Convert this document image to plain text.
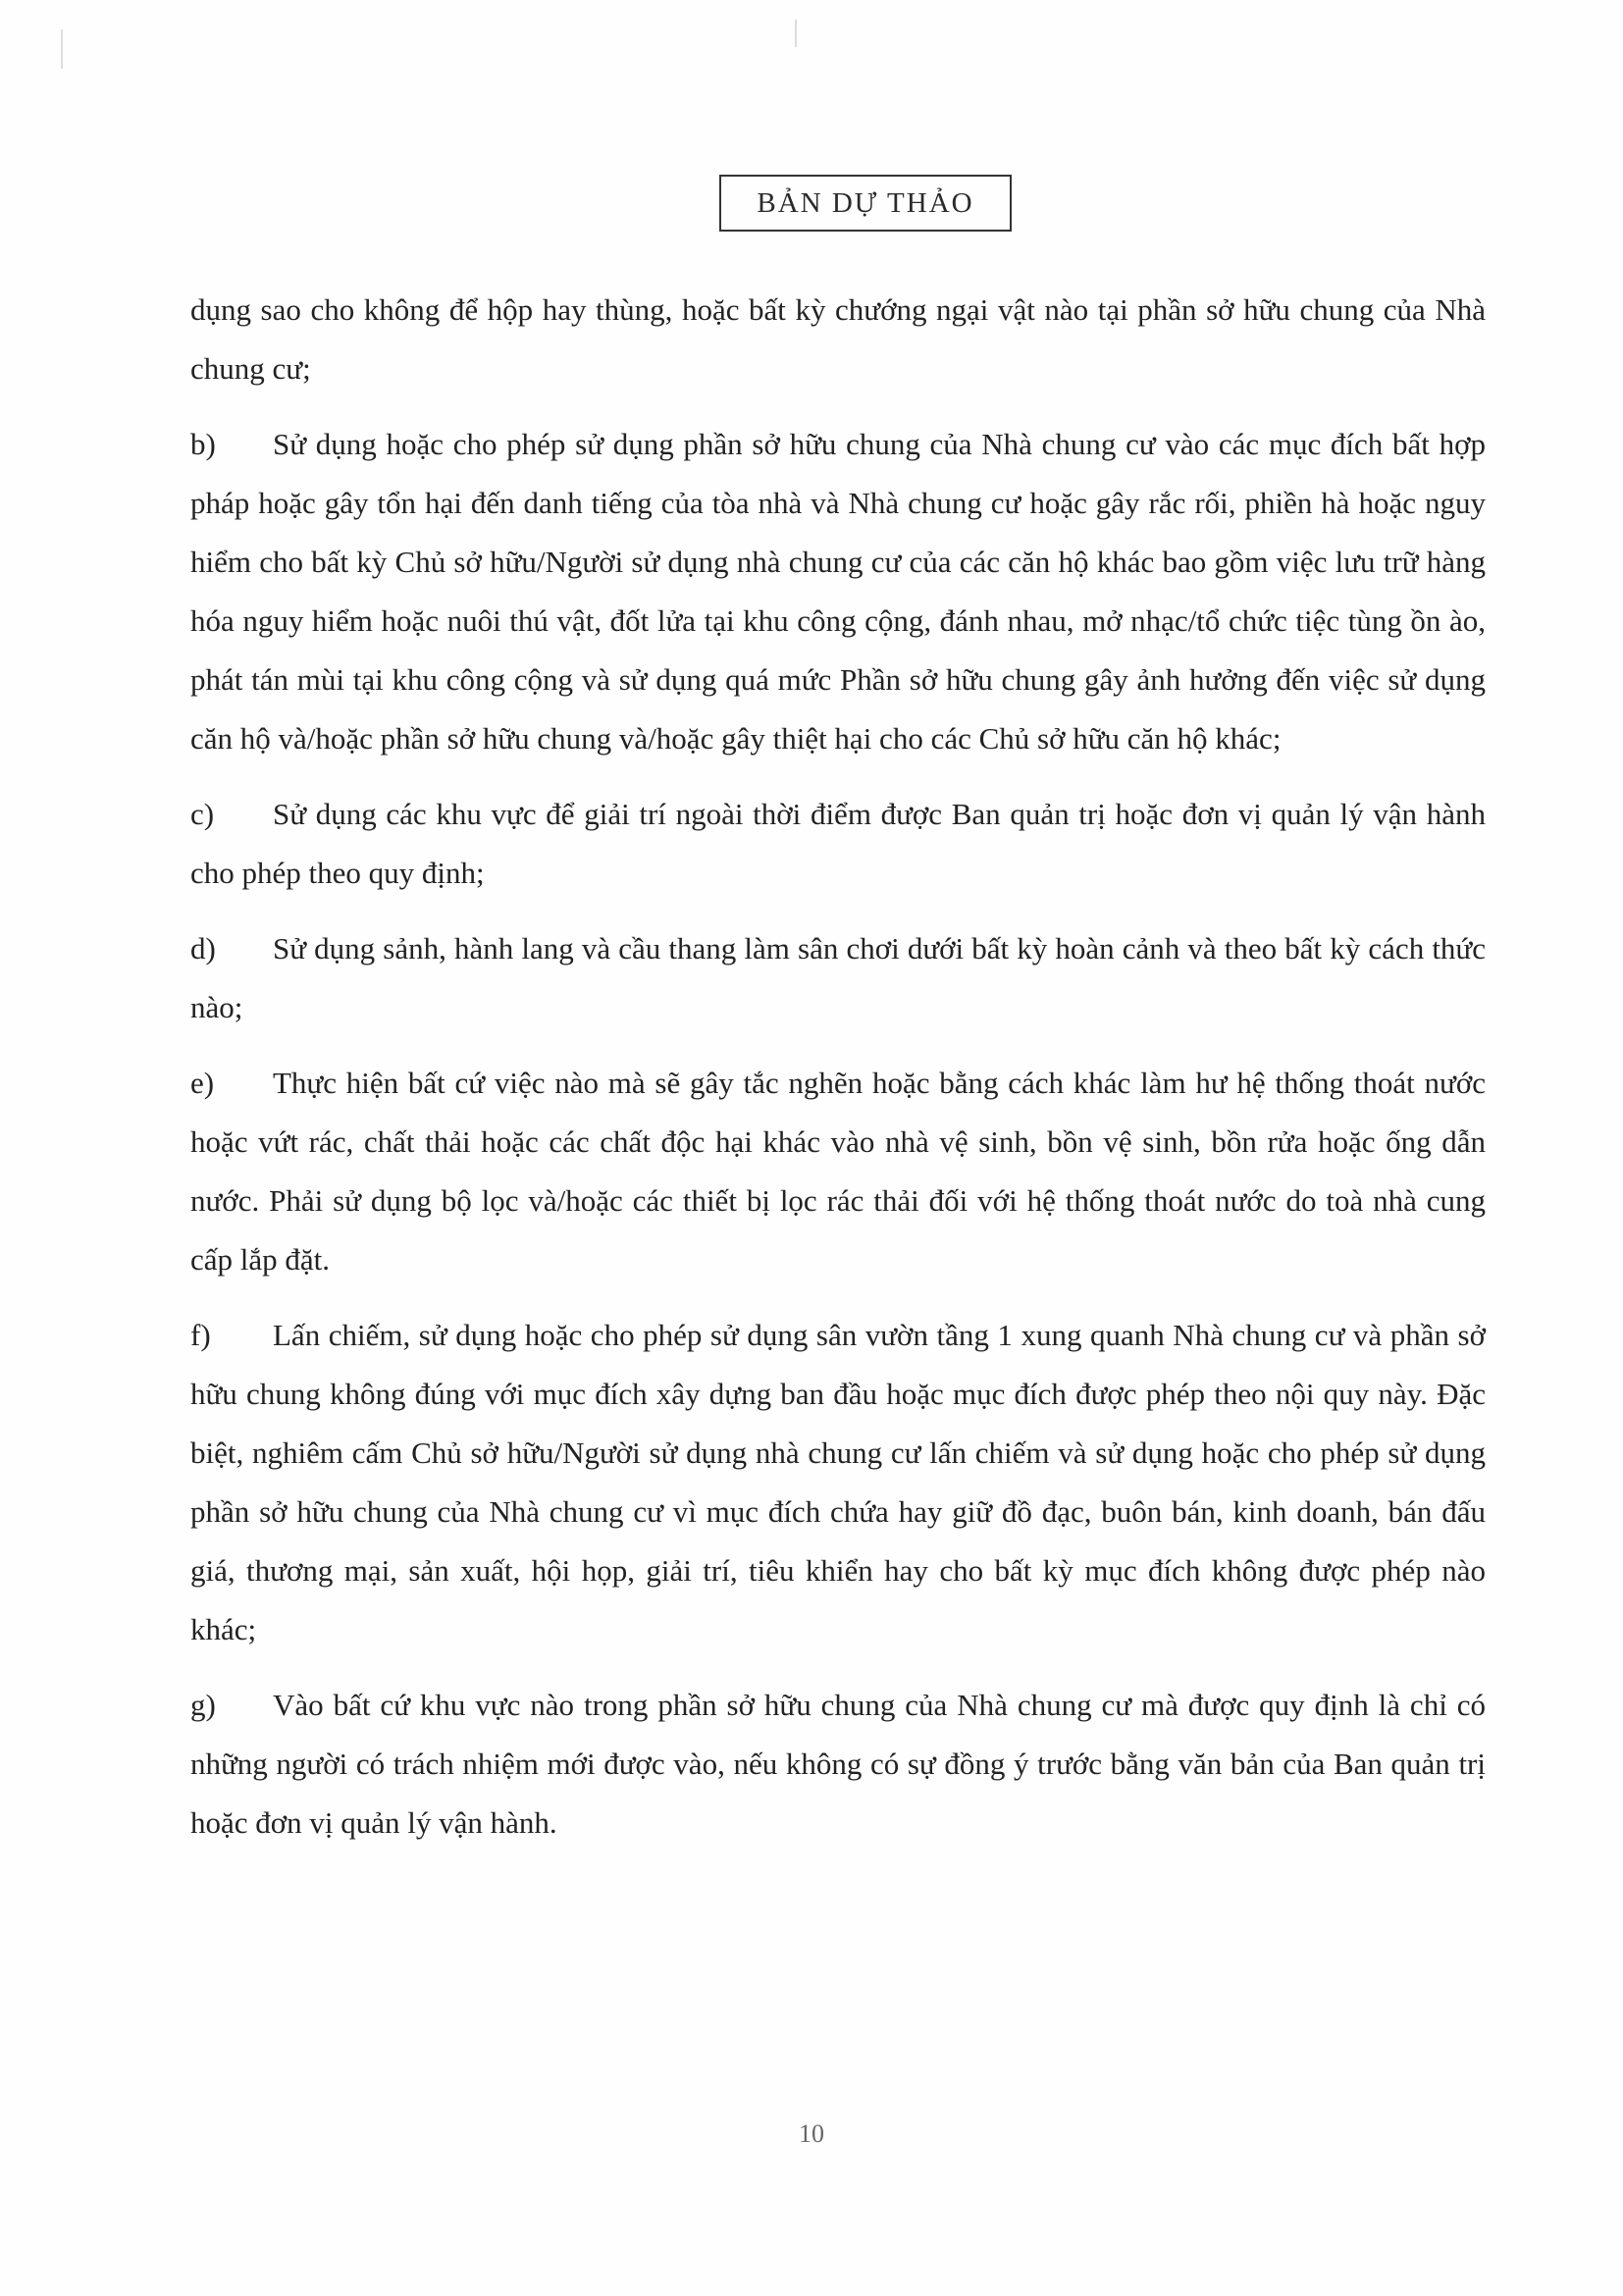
BẢN DỰ THẢO

dụng sao cho không để hộp hay thùng, hoặc bất kỳ chướng ngại vật nào tại phần sở hữu chung của Nhà chung cư;

b) Sử dụng hoặc cho phép sử dụng phần sở hữu chung của Nhà chung cư vào các mục đích bất hợp pháp hoặc gây tổn hại đến danh tiếng của tòa nhà và Nhà chung cư hoặc gây rắc rối, phiền hà hoặc nguy hiểm cho bất kỳ Chủ sở hữu/Người sử dụng nhà chung cư của các căn hộ khác bao gồm việc lưu trữ hàng hóa nguy hiểm hoặc nuôi thú vật, đốt lửa tại khu công cộng, đánh nhau, mở nhạc/tổ chức tiệc tùng ồn ào, phát tán mùi tại khu công cộng và sử dụng quá mức Phần sở hữu chung gây ảnh hưởng đến việc sử dụng căn hộ và/hoặc phần sở hữu chung và/hoặc gây thiệt hại cho các Chủ sở hữu căn hộ khác;

c) Sử dụng các khu vực để giải trí ngoài thời điểm được Ban quản trị hoặc đơn vị quản lý vận hành cho phép theo quy định;

d) Sử dụng sảnh, hành lang và cầu thang làm sân chơi dưới bất kỳ hoàn cảnh và theo bất kỳ cách thức nào;

e) Thực hiện bất cứ việc nào mà sẽ gây tắc nghẽn hoặc bằng cách khác làm hư hệ thống thoát nước hoặc vứt rác, chất thải hoặc các chất độc hại khác vào nhà vệ sinh, bồn vệ sinh, bồn rửa hoặc ống dẫn nước. Phải sử dụng bộ lọc và/hoặc các thiết bị lọc rác thải đối với hệ thống thoát nước do toà nhà cung cấp lắp đặt.

f) Lấn chiếm, sử dụng hoặc cho phép sử dụng sân vườn tầng 1 xung quanh Nhà chung cư và phần sở hữu chung không đúng với mục đích xây dựng ban đầu hoặc mục đích được phép theo nội quy này. Đặc biệt, nghiêm cấm Chủ sở hữu/Người sử dụng nhà chung cư lấn chiếm và sử dụng hoặc cho phép sử dụng phần sở hữu chung của Nhà chung cư vì mục đích chứa hay giữ đồ đạc, buôn bán, kinh doanh, bán đấu giá, thương mại, sản xuất, hội họp, giải trí, tiêu khiển hay cho bất kỳ mục đích không được phép nào khác;

g) Vào bất cứ khu vực nào trong phần sở hữu chung của Nhà chung cư mà được quy định là chỉ có những người có trách nhiệm mới được vào, nếu không có sự đồng ý trước bằng văn bản của Ban quản trị hoặc đơn vị quản lý vận hành.

10
